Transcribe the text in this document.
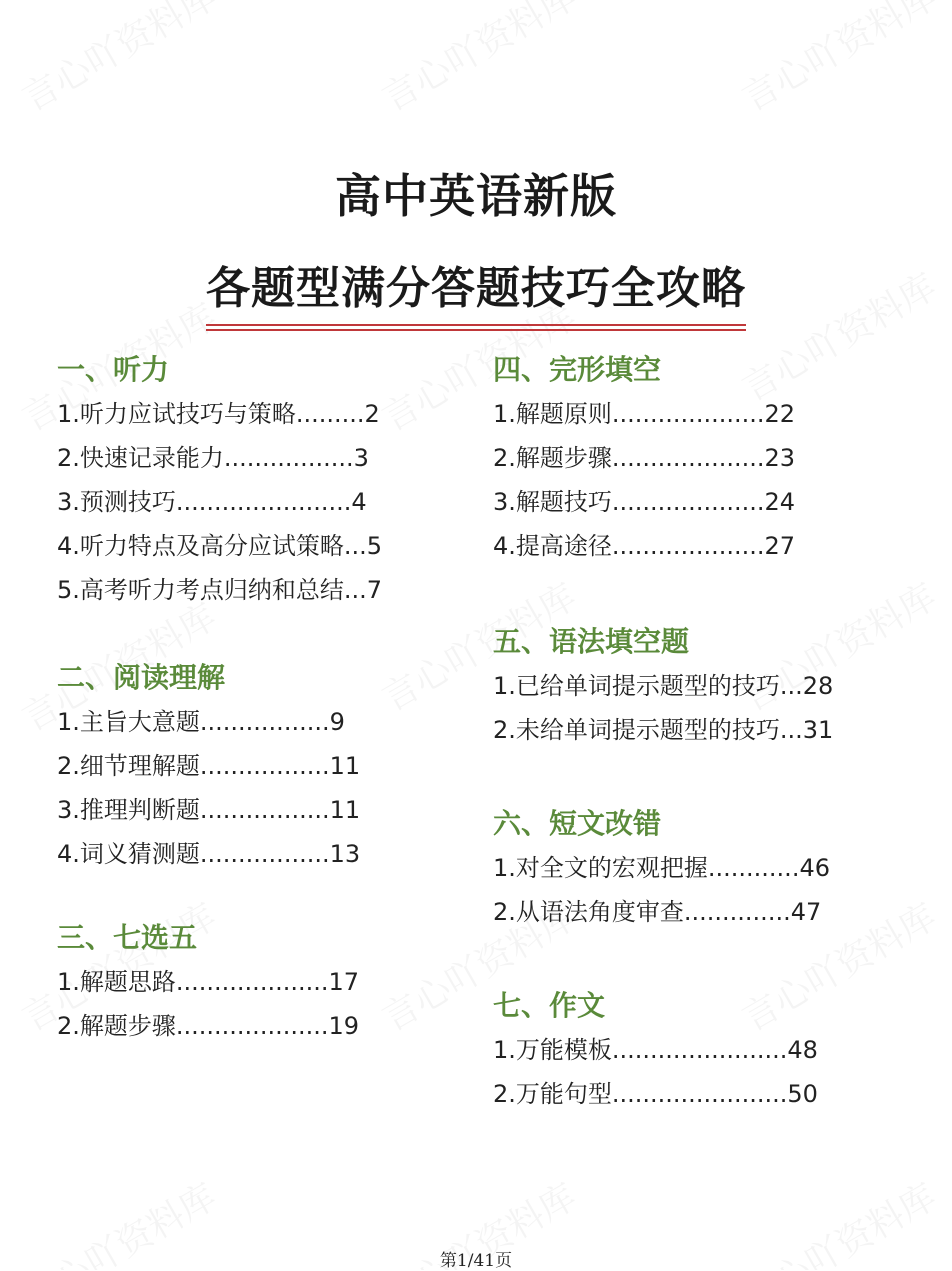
高中英语新版
各题型满分答题技巧全攻略
一、听力
1.听力应试技巧与策略.........2
2.快速记录能力.................3
3.预测技巧.......................4
4.听力特点及高分应试策略...5
5.高考听力考点归纳和总结...7
二、阅读理解
1.主旨大意题.................9
2.细节理解题.................11
3.推理判断题.................11
4.词义猜测题.................13
三、七选五
1.解题思路....................17
2.解题步骤....................19
四、完形填空
1.解题原则....................22
2.解题步骤....................23
3.解题技巧....................24
4.提高途径....................27
五、语法填空题
1.已给单词提示题型的技巧...28
2.未给单词提示题型的技巧...31
六、短文改错
1.对全文的宏观把握............46
2.从语法角度审查..............47
七、作文
1.万能模板.......................48
2.万能句型.......................50
第1/41页
